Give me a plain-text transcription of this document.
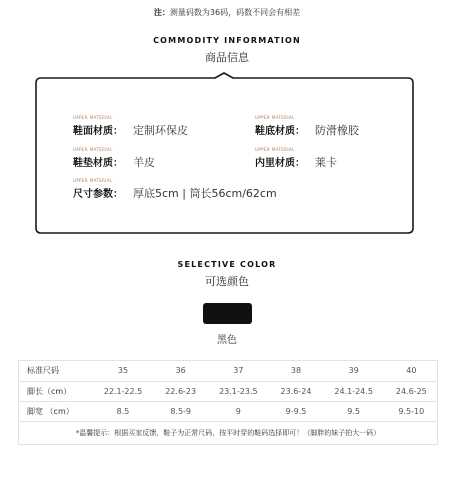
注：测量码数为36码，码数不同会有相差
COMMODITY INFORMATION
商品信息
UPPER MATERIAL
鞋面材质： 定制环保皮
UPPER MATERIAL
鞋底材质： 防滑橡胶
UPPER MATERIAL
鞋垫材质： 羊皮
UPPER MATERIAL
内里材质： 莱卡
UPPER MATERIAL
尺寸参数： 厚底5cm | 筒长56cm/62cm
SELECTIVE COLOR
可选颜色
黑色
标准尺码	35	36	37	38	39	40
脚长（cm）	22.1-22.5	22.6-23	23.1-23.5	23.6-24	24.1-24.5	24.6-25
脚宽 （cm）	8.5	8.5-9	9	9-9.5	9.5	9.5-10
*温馨提示：根据买家反馈，鞋子为正常尺码，按平时穿的鞋码选择即可！（脚胖的妹子拍大一码）
